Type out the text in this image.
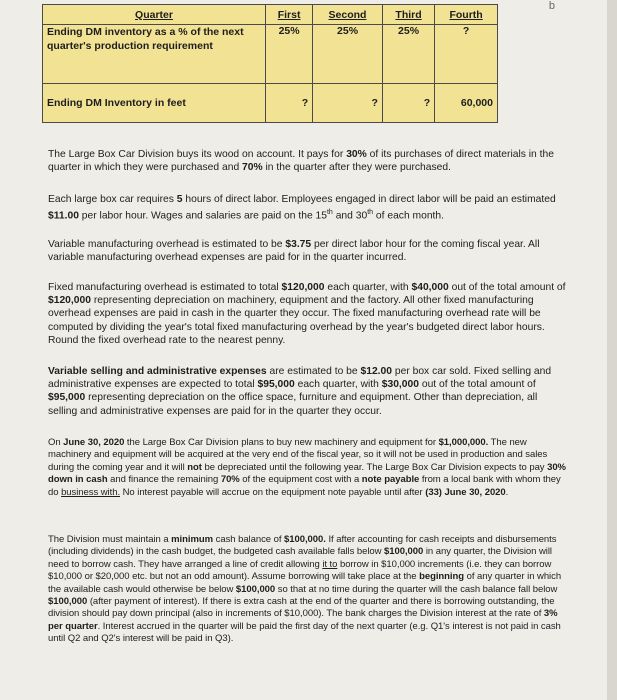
b
Quarter	First	Second	Third	Fourth
Ending DM inventory as a % of the next quarter's production requirement	25%	25%	25%	?
Ending DM Inventory in feet	?	?	?	60,000
The Large Box Car Division buys its wood on account. It pays for 30% of its purchases of direct materials in the quarter in which they were purchased and 70% in the quarter after they were purchased.
Each large box car requires 5 hours of direct labor. Employees engaged in direct labor will be paid an estimated $11.00 per labor hour. Wages and salaries are paid on the 15th and 30th of each month.
Variable manufacturing overhead is estimated to be $3.75 per direct labor hour for the coming fiscal year. All variable manufacturing overhead expenses are paid for in the quarter incurred.
Fixed manufacturing overhead is estimated to total $120,000 each quarter, with $40,000 out of the total amount of $120,000 representing depreciation on machinery, equipment and the factory. All other fixed manufacturing overhead expenses are paid in cash in the quarter they occur. The fixed manufacturing overhead rate will be computed by dividing the year's total fixed manufacturing overhead by the year's budgeted direct labor hours. Round the fixed overhead rate to the nearest penny.
Variable selling and administrative expenses are estimated to be $12.00 per box car sold. Fixed selling and administrative expenses are expected to total $95,000 each quarter, with $30,000 out of the total amount of $95,000 representing depreciation on the office space, furniture and equipment. Other than depreciation, all selling and administrative expenses are paid for in the quarter they occur.
On June 30, 2020 the Large Box Car Division plans to buy new machinery and equipment for $1,000,000. The new machinery and equipment will be acquired at the very end of the fiscal year, so it will not be used in production and sales during the coming year and it will not be depreciated until the following year. The Large Box Car Division expects to pay 30% down in cash and finance the remaining 70% of the equipment cost with a note payable from a local bank with whom they do business with. No interest payable will accrue on the equipment note payable until after (33) June 30, 2020.
The Division must maintain a minimum cash balance of $100,000. If after accounting for cash receipts and disbursements (including dividends) in the cash budget, the budgeted cash available falls below $100,000 in any quarter, the Division will need to borrow cash. They have arranged a line of credit allowing it to borrow in $10,000 increments (i.e. they can borrow $10,000 or $20,000 etc. but not an odd amount). Assume borrowing will take place at the beginning of any quarter in which the available cash would otherwise be below $100,000 so that at no time during the quarter will the cash balance fall below $100,000 (after payment of interest). If there is extra cash at the end of the quarter and there is borrowing outstanding, the division should pay down principal (also in increments of $10,000). The bank charges the Division interest at the rate of 3% per quarter. Interest accrued in the quarter will be paid the first day of the next quarter (e.g. Q1's interest is not paid in cash until Q2 and Q2's interest will be paid in Q3).
